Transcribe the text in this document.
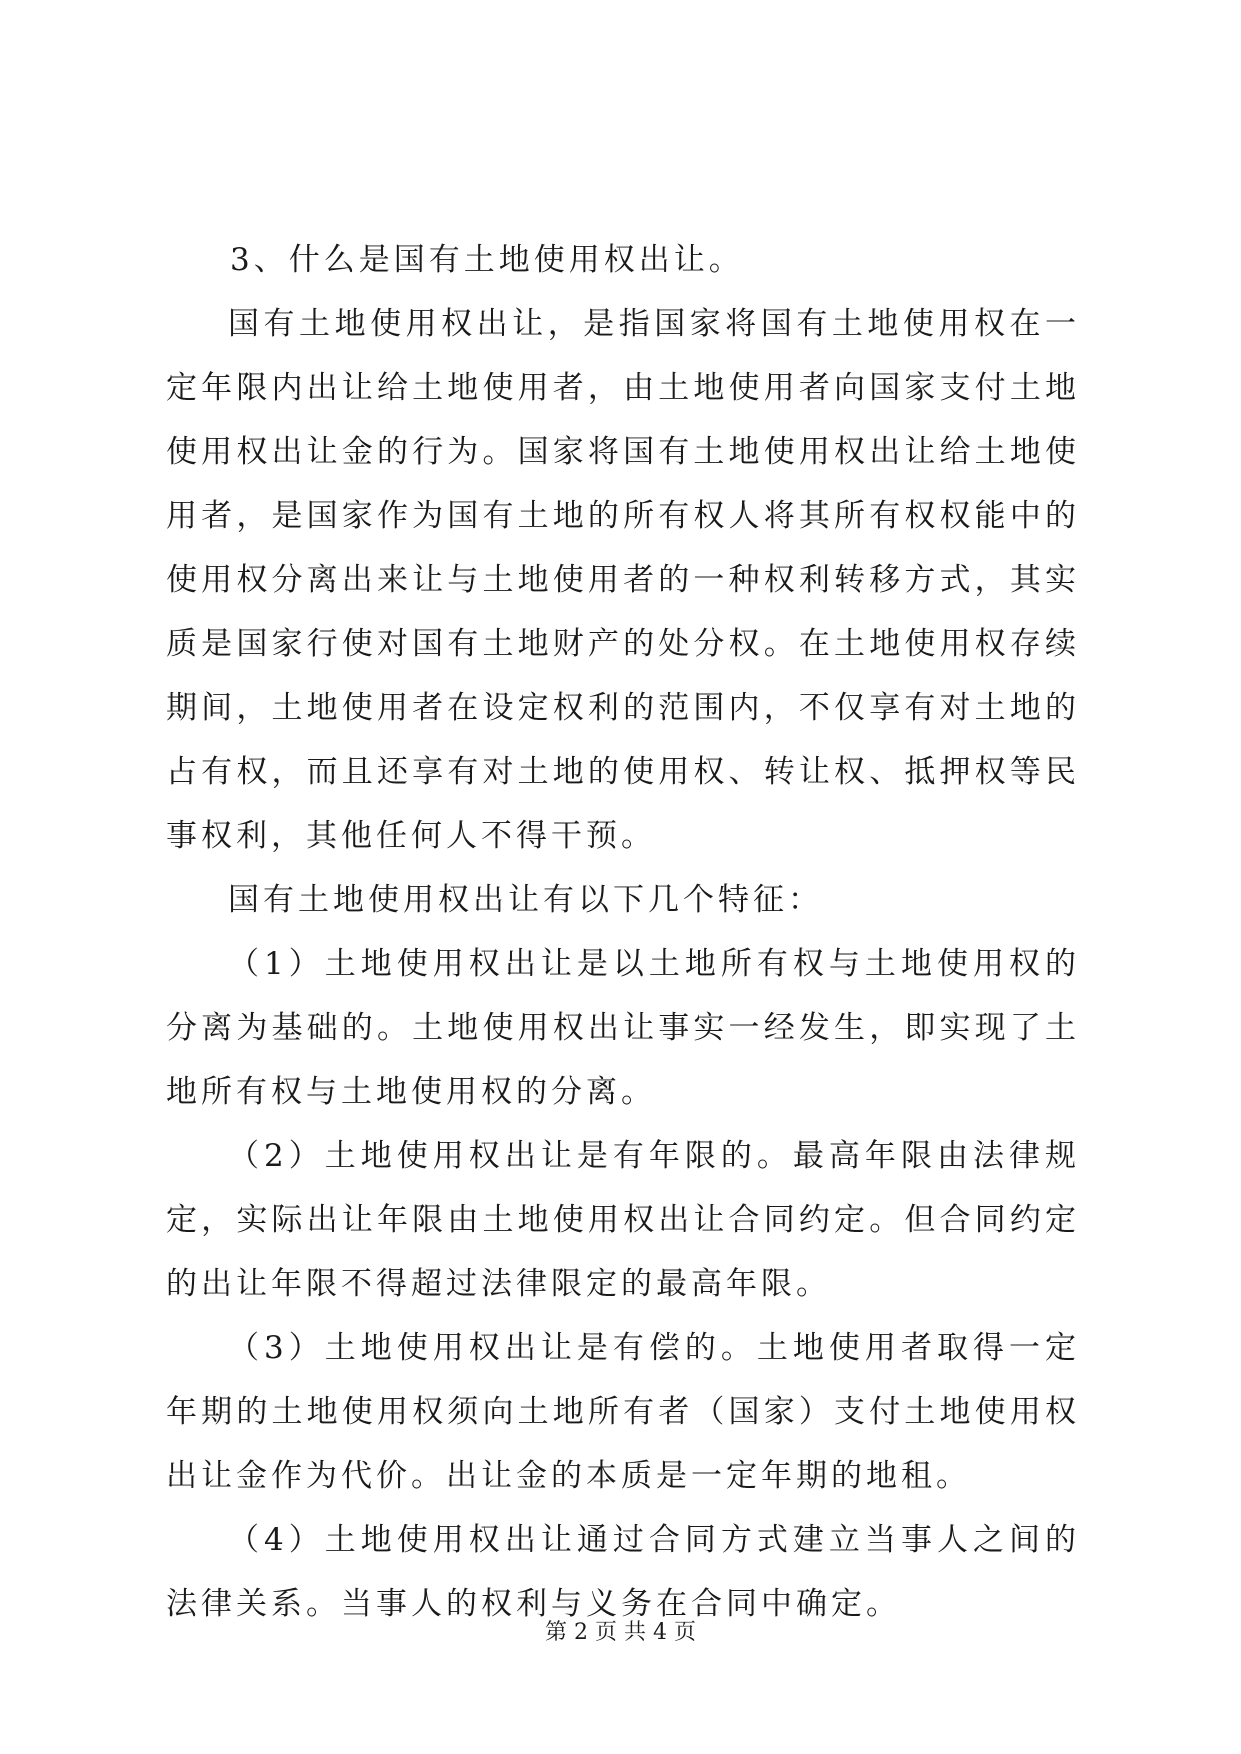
3、什么是国有土地使用权出让。

国有土地使用权出让，是指国家将国有土地使用权在一定年限内出让给土地使用者，由土地使用者向国家支付土地使用权出让金的行为。国家将国有土地使用权出让给土地使用者，是国家作为国有土地的所有权人将其所有权权能中的使用权分离出来让与土地使用者的一种权利转移方式，其实质是国家行使对国有土地财产的处分权。在土地使用权存续期间，土地使用者在设定权利的范围内，不仅享有对土地的占有权，而且还享有对土地的使用权、转让权、抵押权等民事权利，其他任何人不得干预。

国有土地使用权出让有以下几个特征：

（1）土地使用权出让是以土地所有权与土地使用权的分离为基础的。土地使用权出让事实一经发生，即实现了土地所有权与土地使用权的分离。

（2）土地使用权出让是有年限的。最高年限由法律规定，实际出让年限由土地使用权出让合同约定。但合同约定的出让年限不得超过法律限定的最高年限。

（3）土地使用权出让是有偿的。土地使用者取得一定年期的土地使用权须向土地所有者（国家）支付土地使用权出让金作为代价。出让金的本质是一定年期的地租。

（4）土地使用权出让通过合同方式建立当事人之间的法律关系。当事人的权利与义务在合同中确定。

第 2 页 共 4 页
